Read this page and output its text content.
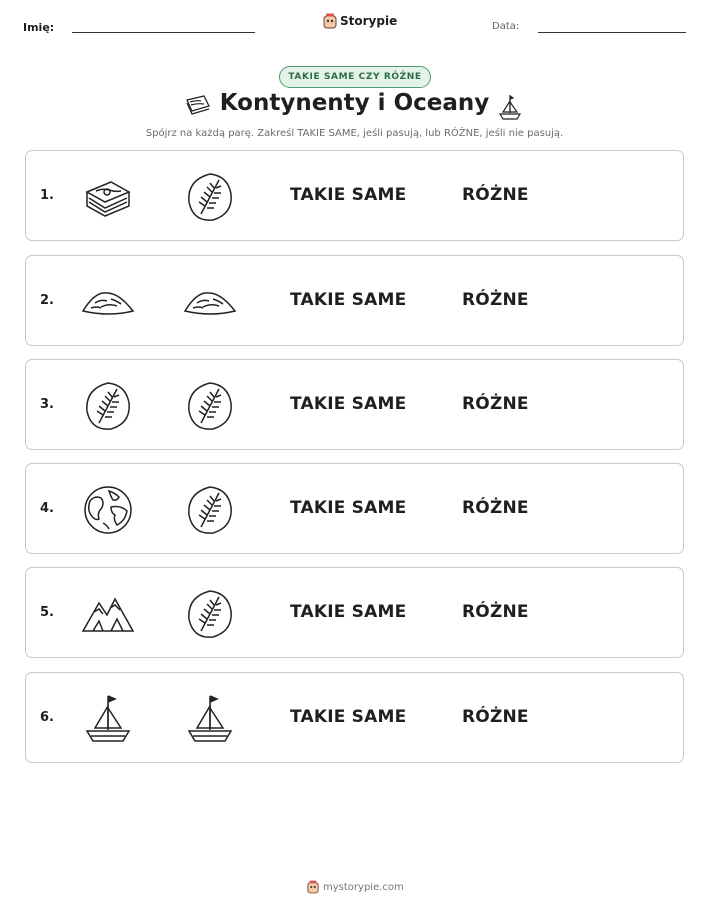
Imię:	Storypie	Data:
TAKIE SAME CZY RÓŻNE
Kontynenty i Oceany
Spójrz na każdą parę. Zakreśl TAKIE SAME, jeśli pasują, lub RÓŻNE, jeśli nie pasują.
1.	TAKIE SAME	RÓŻNE
2.	TAKIE SAME	RÓŻNE
3.	TAKIE SAME	RÓŻNE
4.	TAKIE SAME	RÓŻNE
5.	TAKIE SAME	RÓŻNE
6.	TAKIE SAME	RÓŻNE
mystorypie.com
